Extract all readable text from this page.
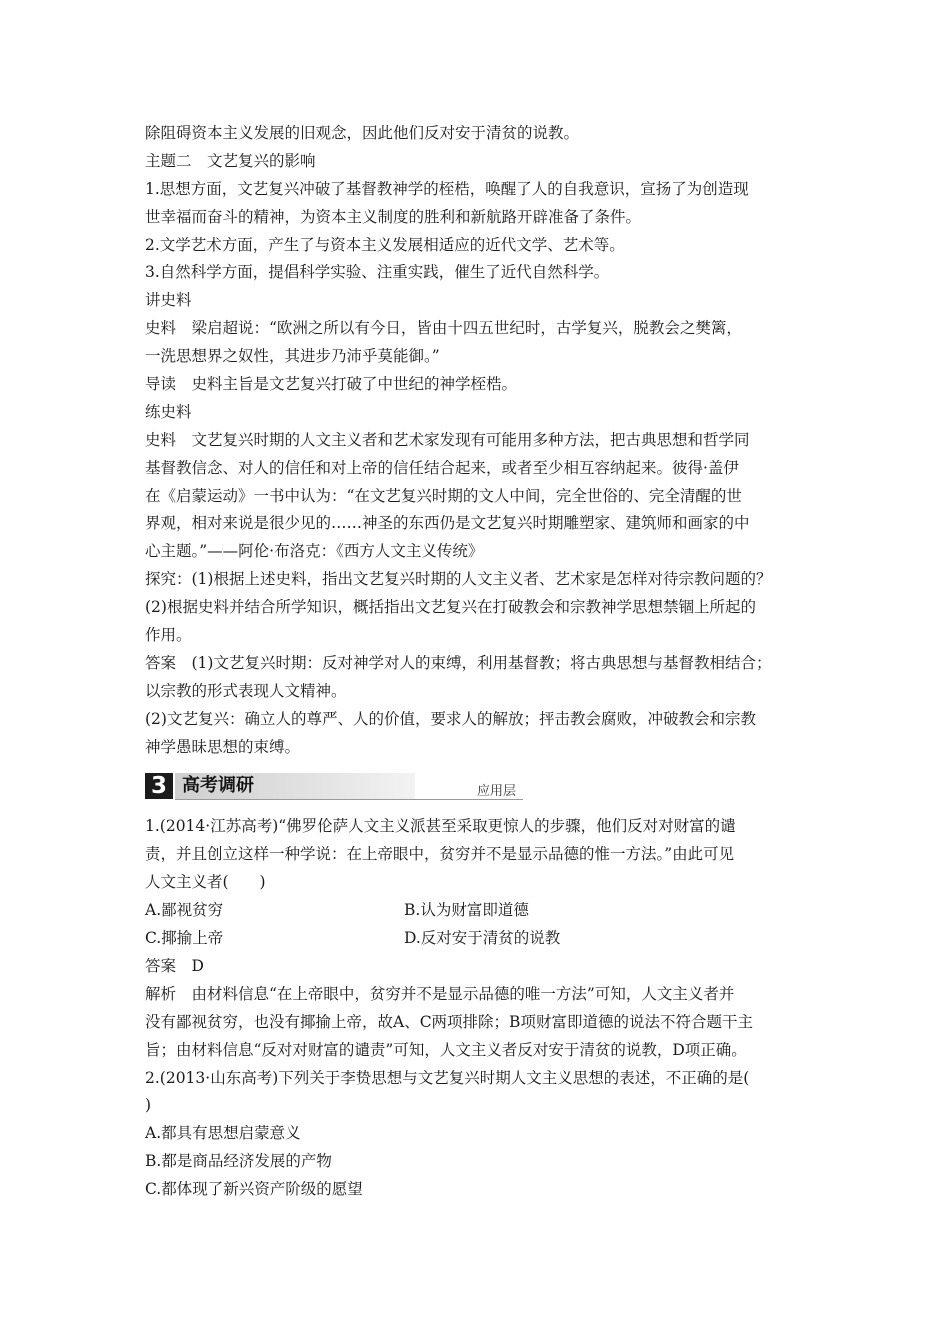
除阻碍资本主义发展的旧观念，因此他们反对安于清贫的说教。
主题二　文艺复兴的影响
1.思想方面，文艺复兴冲破了基督教神学的桎梏，唤醒了人的自我意识，宣扬了为创造现
世幸福而奋斗的精神，为资本主义制度的胜利和新航路开辟准备了条件。
2.文学艺术方面，产生了与资本主义发展相适应的近代文学、艺术等。
3.自然科学方面，提倡科学实验、注重实践，催生了近代自然科学。
讲史料
史料　梁启超说：“欧洲之所以有今日，皆由十四五世纪时，古学复兴，脱教会之樊篱，
一洗思想界之奴性，其进步乃沛乎莫能御。”
导读　史料主旨是文艺复兴打破了中世纪的神学桎梏。
练史料
史料　文艺复兴时期的人文主义者和艺术家发现有可能用多种方法，把古典思想和哲学同
基督教信念、对人的信任和对上帝的信任结合起来，或者至少相互容纳起来。彼得·盖伊
在《启蒙运动》一书中认为：“在文艺复兴时期的文人中间，完全世俗的、完全清醒的世
界观，相对来说是很少见的……神圣的东西仍是文艺复兴时期雕塑家、建筑师和画家的中
心主题。”——阿伦·布洛克：《西方人文主义传统》
探究：(1)根据上述史料，指出文艺复兴时期的人文主义者、艺术家是怎样对待宗教问题的？
(2)根据史料并结合所学知识，概括指出文艺复兴在打破教会和宗教神学思想禁锢上所起的
作用。
答案　(1)文艺复兴时期：反对神学对人的束缚，利用基督教；将古典思想与基督教相结合；
以宗教的形式表现人文精神。
(2)文艺复兴：确立人的尊严、人的价值，要求人的解放；抨击教会腐败，冲破教会和宗教
神学愚昧思想的束缚。
3 高考调研	应用层
1.(2014·江苏高考)“佛罗伦萨人文主义派甚至采取更惊人的步骤，他们反对对财富的谴
责，并且创立这样一种学说：在上帝眼中，贫穷并不是显示品德的惟一方法。”由此可见
人文主义者(　　)
A.鄙视贫穷	B.认为财富即道德
C.揶揄上帝	D.反对安于清贫的说教
答案　D
解析　由材料信息“在上帝眼中，贫穷并不是显示品德的唯一方法”可知，人文主义者并
没有鄙视贫穷，也没有揶揄上帝，故A、C两项排除；B项财富即道德的说法不符合题干主
旨；由材料信息“反对对财富的谴责”可知，人文主义者反对安于清贫的说教，D项正确。
2.(2013·山东高考)下列关于李贽思想与文艺复兴时期人文主义思想的表述，不正确的是(
)
A.都具有思想启蒙意义
B.都是商品经济发展的产物
C.都体现了新兴资产阶级的愿望
